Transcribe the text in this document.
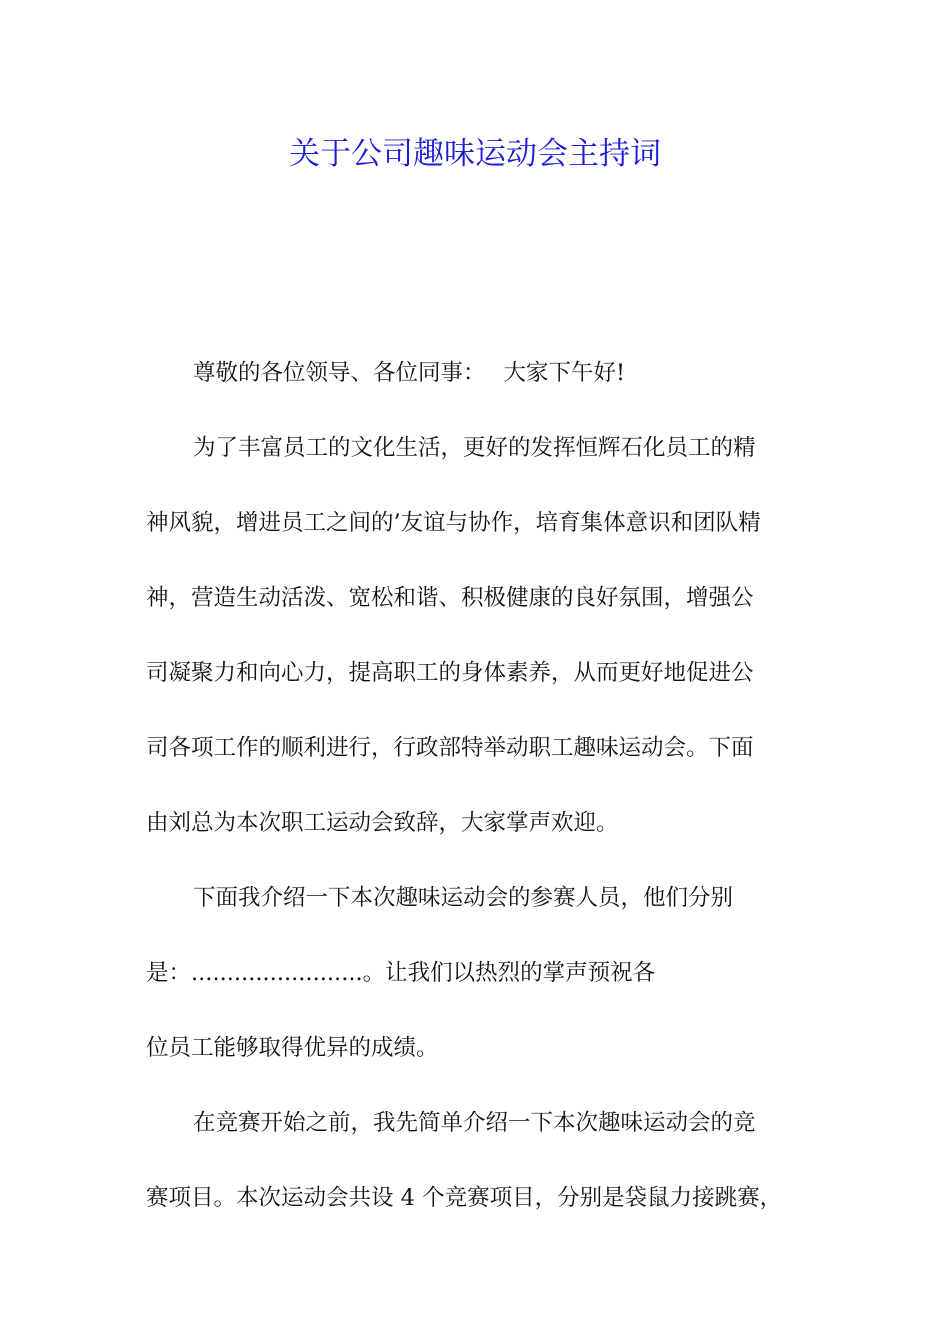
关于公司趣味运动会主持词

尊敬的各位领导、各位同事： 大家下午好!

为了丰富员工的文化生活，更好的发挥恒辉石化员工的精
神风貌，增进员工之间的’友谊与协作，培育集体意识和团队精
神，营造生动活泼、宽松和谐、积极健康的良好氛围，增强公
司凝聚力和向心力，提高职工的身体素养，从而更好地促进公
司各项工作的顺利进行，行政部特举动职工趣味运动会。下面
由刘总为本次职工运动会致辞，大家掌声欢迎。

下面我介绍一下本次趣味运动会的参赛人员，他们分别
是：........................。让我们以热烈的掌声预祝各
位员工能够取得优异的成绩。

在竞赛开始之前，我先简单介绍一下本次趣味运动会的竞
赛项目。本次运动会共设 4 个竞赛项目，分别是袋鼠力接跳赛，
